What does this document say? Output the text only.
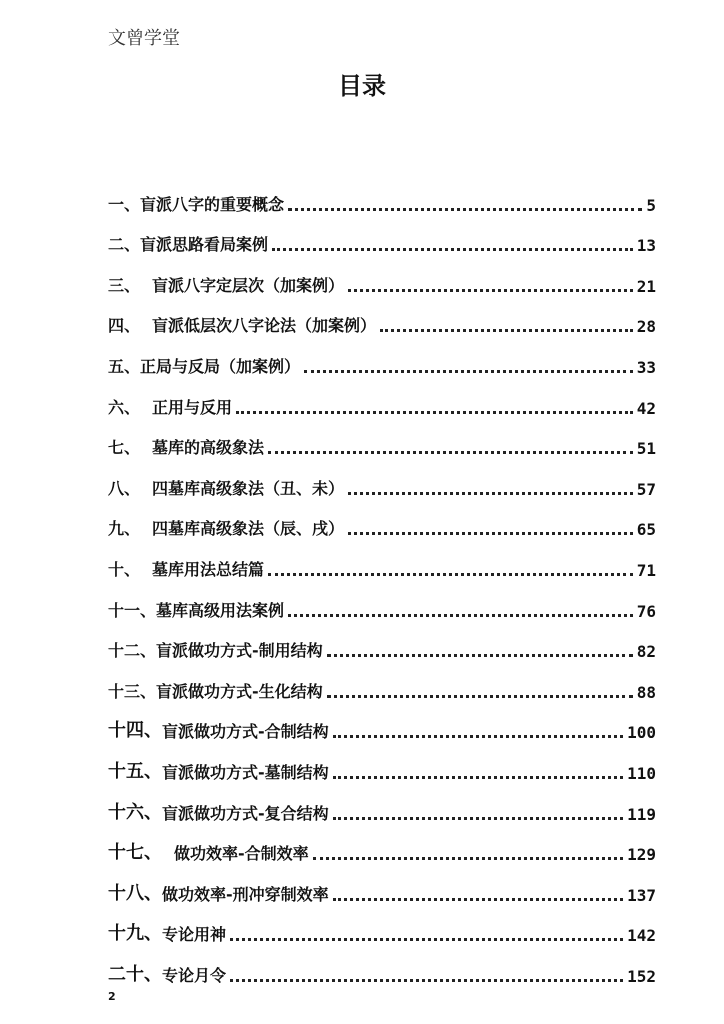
文曾学堂
目录
一、 盲派八字的重要概念	5
二、 盲派思路看局案例	13
三、 盲派八字定层次（加案例）	21
四、 盲派低层次八字论法（加案例）	28
五、 正局与反局（加案例）	33
六、 正用与反用	42
七、 墓库的高级象法	51
八、 四墓库高级象法（丑、未）	57
九、 四墓库高级象法（辰、戌）	65
十、 墓库用法总结篇	71
十一、 墓库高级用法案例	76
十二、 盲派做功方式-制用结构	82
十三、 盲派做功方式-生化结构	88
十四、 盲派做功方式-合制结构	100
十五、 盲派做功方式-墓制结构	110
十六、 盲派做功方式-复合结构	119
十七、 做功效率-合制效率	129
十八、 做功效率-刑冲穿制效率	137
十九、 专论用神	142
二十、 专论月令	152
2
